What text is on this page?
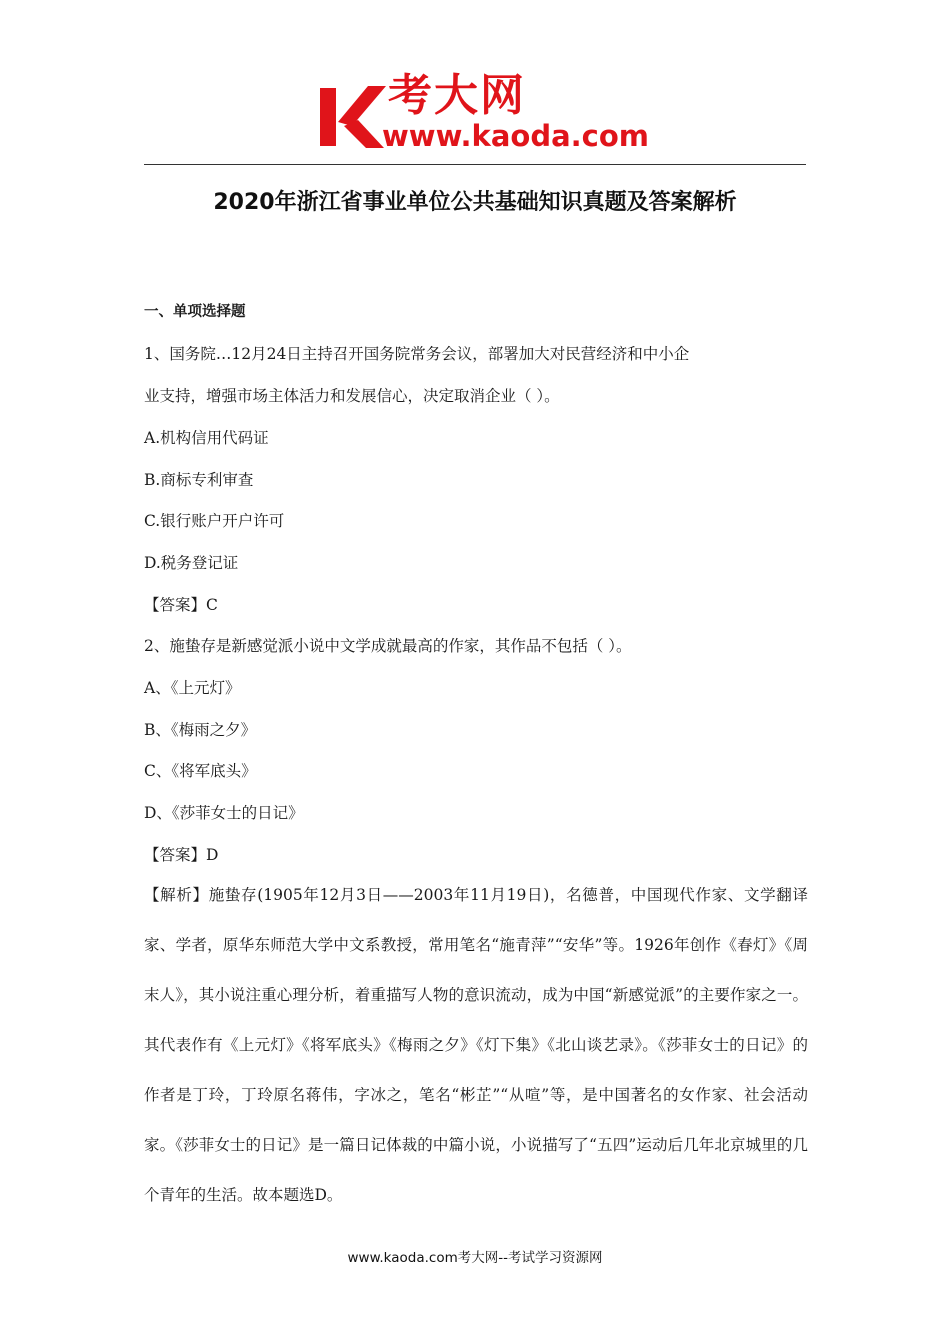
考大网
www.kaoda.com
2020年浙江省事业单位公共基础知识真题及答案解析
一、单项选择题
1、国务院…12月24日主持召开国务院常务会议，部署加大对民营经济和中小企
业支持，增强市场主体活力和发展信心，决定取消企业（ ）。
A.机构信用代码证
B.商标专利审查
C.银行账户开户许可
D.税务登记证
【答案】C
2、施蛰存是新感觉派小说中文学成就最高的作家，其作品不包括（ ）。
A、《上元灯》
B、《梅雨之夕》
C、《将军底头》
D、《莎菲女士的日记》
【答案】D
【解析】施蛰存(1905年12月3日——2003年11月19日)，名德普，中国现代作家、文学翻译家、学者，原华东师范大学中文系教授，常用笔名“施青萍”“安华”等。1926年创作《春灯》《周末人》，其小说注重心理分析，着重描写人物的意识流动，成为中国“新感觉派”的主要作家之一。其代表作有《上元灯》《将军底头》《梅雨之夕》《灯下集》《北山谈艺录》。《莎菲女士的日记》的作者是丁玲，丁玲原名蒋伟，字冰之，笔名“彬芷”“从喧”等，是中国著名的女作家、社会活动家。《莎菲女士的日记》是一篇日记体裁的中篇小说，小说描写了“五四”运动后几年北京城里的几个青年的生活。故本题选D。
www.kaoda.com考大网--考试学习资源网
